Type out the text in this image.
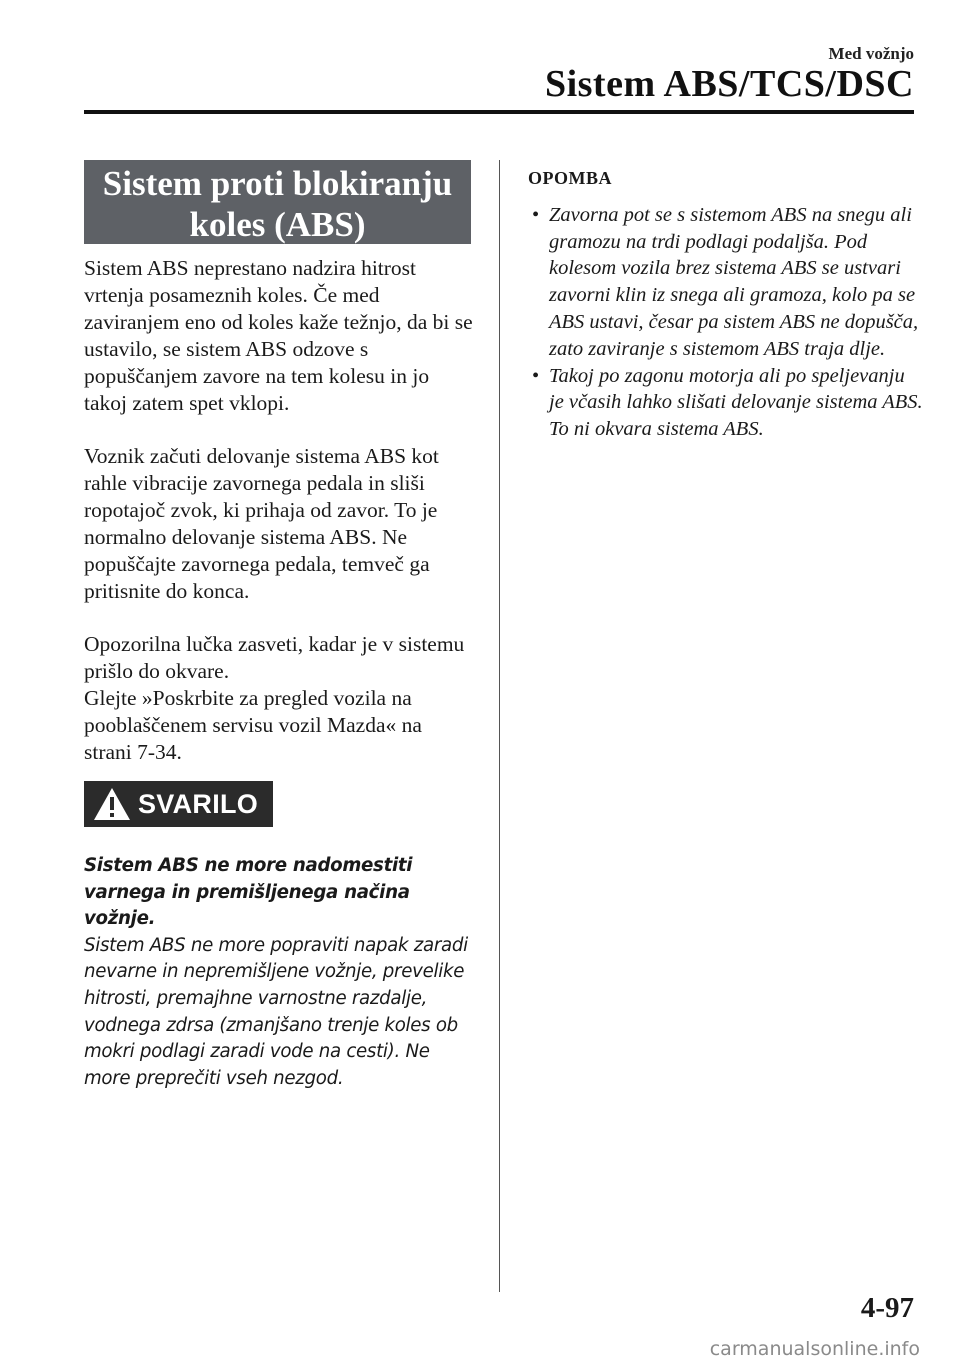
Med vožnjo
Sistem ABS/TCS/DSC
Sistem proti blokiranju
koles (ABS)

Sistem ABS neprestano nadzira hitrost vrtenja posameznih koles. Če med zaviranjem eno od koles kaže težnjo, da bi se ustavilo, se sistem ABS odzove s popuščanjem zavore na tem kolesu in jo takoj zatem spet vklopi.

Voznik začuti delovanje sistema ABS kot rahle vibracije zavornega pedala in sliši ropotajoč zvok, ki prihaja od zavor. To je normalno delovanje sistema ABS. Ne popuščajte zavornega pedala, temveč ga pritisnite do konca.

Opozorilna lučka zasveti, kadar je v sistemu prišlo do okvare.

Glejte »Poskrbite za pregled vozila na pooblaščenem servisu vozil Mazda« na strani 7-34.

SVARILO

Sistem ABS ne more nadomestiti varnega in premišljenega načina vožnje.

Sistem ABS ne more popraviti napak zaradi nevarne in nepremišljene vožnje, prevelike hitrosti, premajhne varnostne razdalje, vodnega zdrsa (zmanjšano trenje koles ob mokri podlagi zaradi vode na cesti). Ne more preprečiti vseh nezgod.

OPOMBA

• Zavorna pot se s sistemom ABS na snegu ali gramozu na trdi podlagi podaljša. Pod kolesom vozila brez sistema ABS se ustvari zavorni klin iz snega ali gramoza, kolo pa se ABS ustavi, česar pa sistem ABS ne dopušča, zato zaviranje s sistemom ABS traja dlje.
• Takoj po zagonu motorja ali po speljevanju je včasih lahko slišati delovanje sistema ABS. To ni okvara sistema ABS.
4-97
carmanualsonline.info
